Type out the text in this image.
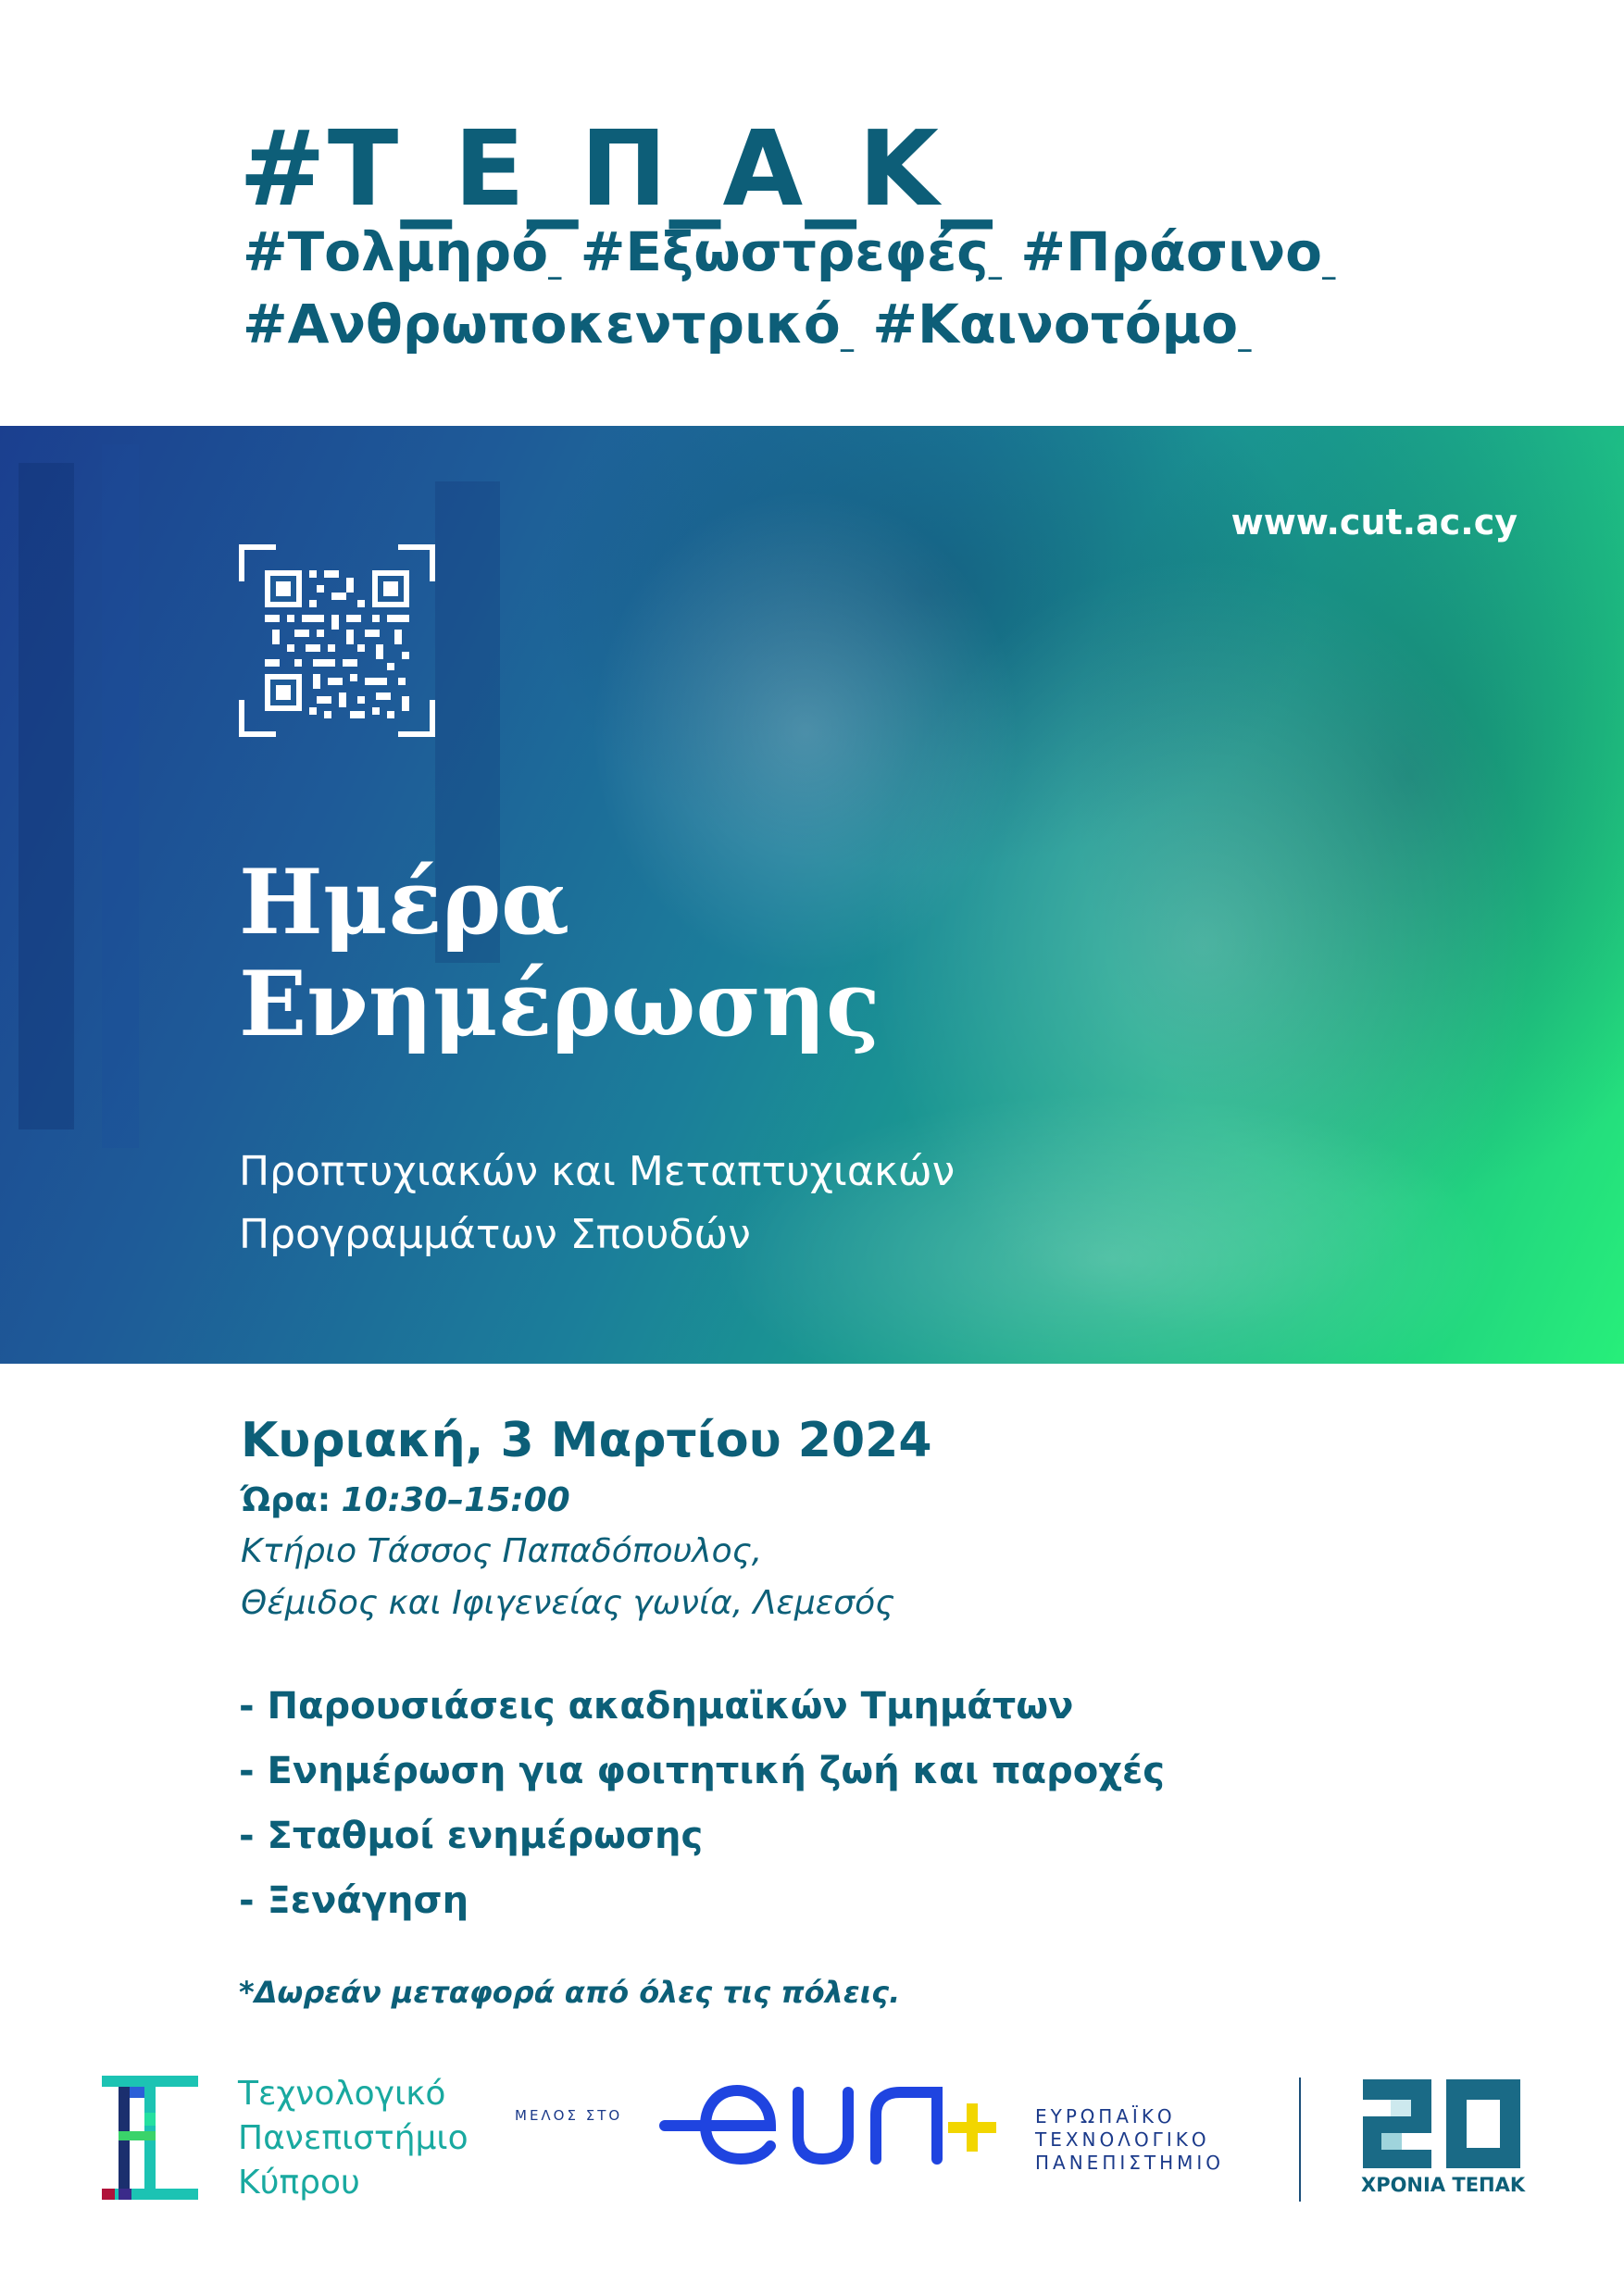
#Τ_Ε_Π_Α_Κ_
#Τολμηρό_ #Εξωστρεφές_ #Πράσινο_
#Ανθρωποκεντρικό_ #Καινοτόμο_
www.cut.ac.cy
Ημέρα
Ενημέρωσης
Προπτυχιακών και Μεταπτυχιακών
Προγραμμάτων Σπουδών
Κυριακή, 3 Μαρτίου 2024
Ώρα: 10:30–15:00
Κτήριο Τάσσος Παπαδόπουλος,
Θέμιδος και Ιφιγενείας γωνία, Λεμεσός
- Παρουσιάσεις ακαδημαϊκών Τμημάτων
- Ενημέρωση για φοιτητική ζωή και παροχές
- Σταθμοί ενημέρωσης
- Ξενάγηση
*Δωρεάν μεταφορά από όλες τις πόλεις.
Τεχνολογικό
Πανεπιστήμιο
Κύπρου
ΜΕΛΟΣ ΣΤΟ	ΕΥΡΩΠΑΪΚΟ
ΤΕΧΝΟΛΟΓΙΚΟ
ΠΑΝΕΠΙΣΤΗΜΙΟ
ΧΡΟΝΙΑ ΤΕΠΑΚ
